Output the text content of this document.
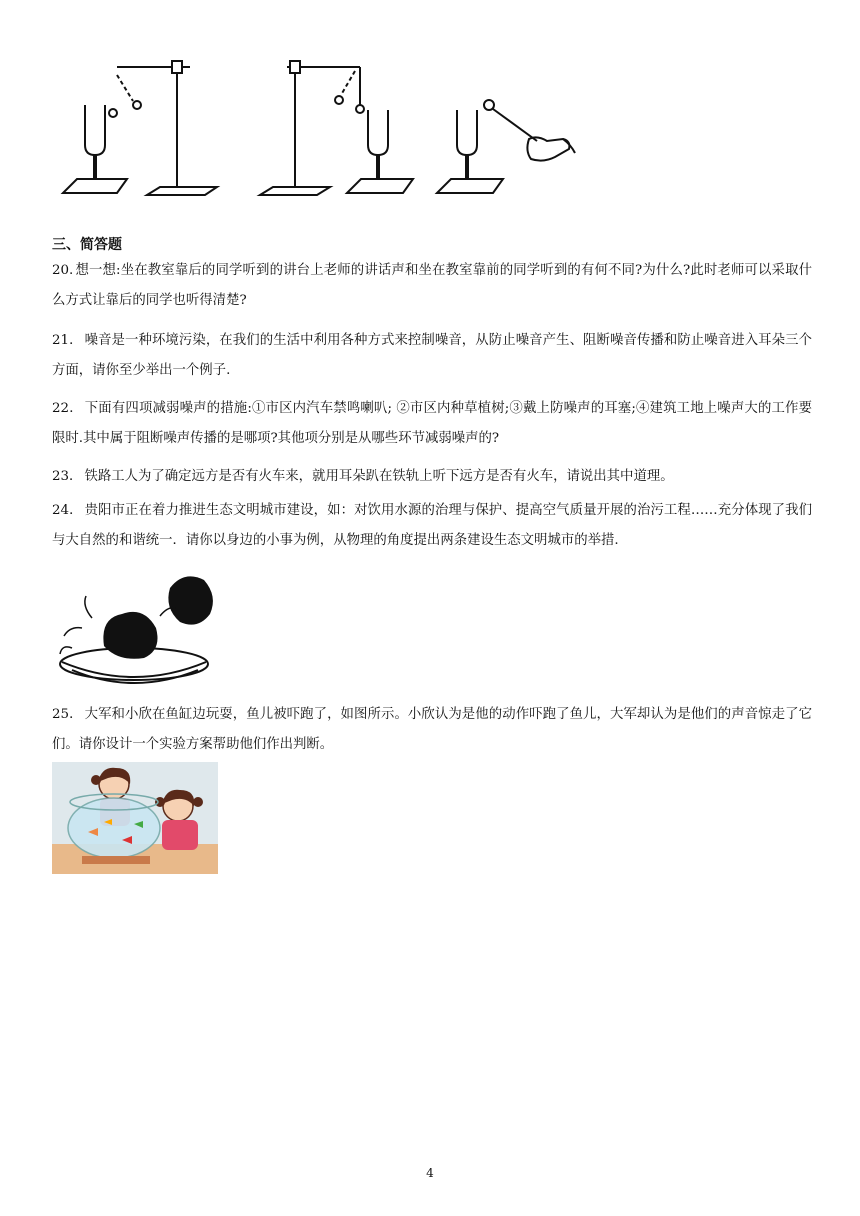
三、简答题

20. 想一想:坐在教室靠后的同学听到的讲台上老师的讲话声和坐在教室靠前的同学听到的有何不同?为什么?此时老师可以采取什么方式让靠后的同学也听得清楚?

21． 噪音是一种环境污染，在我们的生活中利用各种方式来控制噪音，从防止噪音产生、阻断噪音传播和防止噪音进入耳朵三个方面，请你至少举出一个例子.

22． 下面有四项减弱噪声的措施:①市区内汽车禁鸣喇叭; ②市区内种草植树;③戴上防噪声的耳塞;④建筑工地上噪声大的工作要限时.其中属于阻断噪声传播的是哪项?其他项分别是从哪些环节减弱噪声的?

23． 铁路工人为了确定远方是否有火车来，就用耳朵趴在铁轨上听下远方是否有火车，请说出其中道理。

24． 贵阳市正在着力推进生态文明城市建设，如：对饮用水源的治理与保护、提高空气质量开展的治污工程……充分体现了我们与大自然的和谐统一．请你以身边的小事为例，从物理的角度提出两条建设生态文明城市的举措.

25． 大军和小欣在鱼缸边玩耍，鱼儿被吓跑了，如图所示。小欣认为是他的动作吓跑了鱼儿，大军却认为是他们的声音惊走了它们。请你设计一个实验方案帮助他们作出判断。

4
